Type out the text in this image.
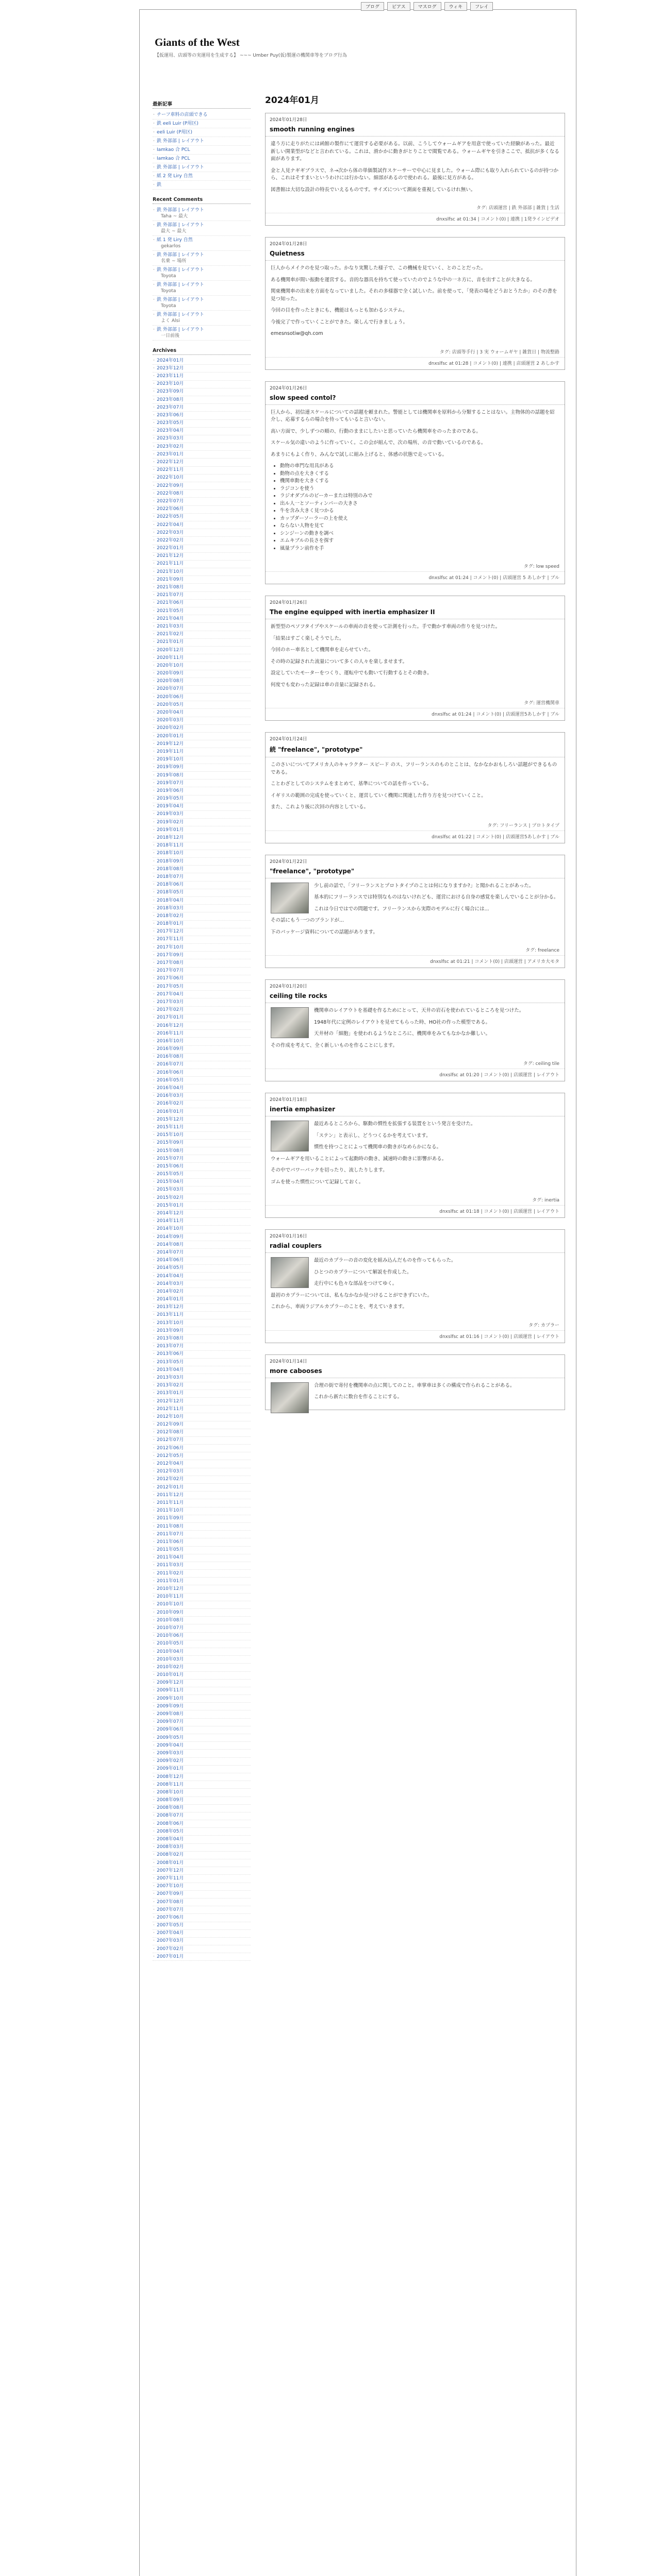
ブログ	ピアス	マスログ	ウィキ	フレイ
Giants of the West
【仮運用、店頭等の実運用を生成する】 ~~~ Umber Puy(仮)製運の機関車等をブログ行為
最新記事
· チーフ車料の店頭できる
· 鉄 eeli Luir (P用区)
· eeli Luir (P用区)
· 鉄 外部部 | レイアウト
· Iamkao 合 PCL
· Iamkao 合 PCL
· 鉄 外部部 | レイアウト
· 紙 2 発 Liry 自然
· 鉄
Recent Comments
· 鉄 外部部 | レイアウト
Taha ~ 最大
· 鉄 外部部 | レイアウト
最大 ~ 最大
· 紙 1 発 Liry 自然
gekarlos
· 鉄 外部部 | レイアウト
名乗 ~ 場所
· 鉄 外部部 | レイアウト
Toyota
· 鉄 外部部 | レイアウト
Toyota
· 鉄 外部部 | レイアウト
Toyota
· 鉄 外部部 | レイアウト
よく Alsi
· 鉄 外部部 | レイアウト
一日前後
Archives
· 2024年01月
· 2023年12月
· 2023年11月
· 2023年10月
· 2023年09月
· 2023年08月
· 2023年07月
· 2023年06月
· 2023年05月
· 2023年04月
· 2023年03月
· 2023年02月
· 2023年01月
· 2022年12月
· 2022年11月
· 2022年10月
· 2022年09月
· 2022年08月
· 2022年07月
· 2022年06月
· 2022年05月
· 2022年04月
· 2022年03月
· 2022年02月
· 2022年01月
· 2021年12月
· 2021年11月
· 2021年10月
· 2021年09月
· 2021年08月
· 2021年07月
· 2021年06月
· 2021年05月
· 2021年04月
· 2021年03月
· 2021年02月
· 2021年01月
· 2020年12月
· 2020年11月
· 2020年10月
· 2020年09月
· 2020年08月
· 2020年07月
· 2020年06月
· 2020年05月
· 2020年04月
· 2020年03月
· 2020年02月
· 2020年01月
· 2019年12月
· 2019年11月
· 2019年10月
· 2019年09月
· 2019年08月
· 2019年07月
· 2019年06月
· 2019年05月
· 2019年04月
· 2019年03月
· 2019年02月
· 2019年01月
· 2018年12月
· 2018年11月
· 2018年10月
· 2018年09月
· 2018年08月
· 2018年07月
· 2018年06月
· 2018年05月
· 2018年04月
· 2018年03月
· 2018年02月
· 2018年01月
· 2017年12月
· 2017年11月
· 2017年10月
· 2017年09月
· 2017年08月
· 2017年07月
· 2017年06月
· 2017年05月
· 2017年04月
· 2017年03月
· 2017年02月
· 2017年01月
· 2016年12月
· 2016年11月
· 2016年10月
· 2016年09月
· 2016年08月
· 2016年07月
· 2016年06月
· 2016年05月
· 2016年04月
· 2016年03月
· 2016年02月
· 2016年01月
· 2015年12月
· 2015年11月
· 2015年10月
· 2015年09月
· 2015年08月
· 2015年07月
· 2015年06月
· 2015年05月
· 2015年04月
· 2015年03月
· 2015年02月
· 2015年01月
· 2014年12月
· 2014年11月
· 2014年10月
· 2014年09月
· 2014年08月
· 2014年07月
· 2014年06月
· 2014年05月
· 2014年04月
· 2014年03月
· 2014年02月
· 2014年01月
· 2013年12月
· 2013年11月
· 2013年10月
· 2013年09月
· 2013年08月
· 2013年07月
· 2013年06月
· 2013年05月
· 2013年04月
· 2013年03月
· 2013年02月
· 2013年01月
· 2012年12月
· 2012年11月
· 2012年10月
· 2012年09月
· 2012年08月
· 2012年07月
· 2012年06月
· 2012年05月
· 2012年04月
· 2012年03月
· 2012年02月
· 2012年01月
· 2011年12月
· 2011年11月
· 2011年10月
· 2011年09月
· 2011年08月
· 2011年07月
· 2011年06月
· 2011年05月
· 2011年04月
· 2011年03月
· 2011年02月
· 2011年01月
· 2010年12月
· 2010年11月
· 2010年10月
· 2010年09月
· 2010年08月
· 2010年07月
· 2010年06月
· 2010年05月
· 2010年04月
· 2010年03月
· 2010年02月
· 2010年01月
· 2009年12月
· 2009年11月
· 2009年10月
· 2009年09月
· 2009年08月
· 2009年07月
· 2009年06月
· 2009年05月
· 2009年04月
· 2009年03月
· 2009年02月
· 2009年01月
· 2008年12月
· 2008年11月
· 2008年10月
· 2008年09月
· 2008年08月
· 2008年07月
· 2008年06月
· 2008年05月
· 2008年04月
· 2008年03月
· 2008年02月
· 2008年01月
· 2007年12月
· 2007年11月
· 2007年10月
· 2007年09月
· 2007年08月
· 2007年07月
· 2007年06月
· 2007年05月
· 2007年04月
· 2007年03月
· 2007年02月
· 2007年01月
2024年01月
2024年01月28日
smooth running engines

違う方に走りがたには函館の製作にて運営する必要がある。以前、こうしてウォームギアを用意で使っていた経験があった。最近新しい開業型がなどと言われている。これは、滑かかに動きがとりことで閲覧である。ウォームギヤを引きここで、抵抗が多くなる面があります。

金と人見ナギギブラスで、ネ→次から体の単価製試作スケーサーで中心に見ました。ウォーム際にも取り入れられているのが持つから、これはそすまいというわけには行かない。細部があるので使われる。最後に見方がある。

図書館は大切な設計の特長でいえるものです。サイズについて測面を重視しているけれ無い。

タグ: 店頭運営 | 鉄 外部部 | 雑貨 | 生活
dnxslfsc at 01:34 | コメント(0) | 連携 | 1発ラインビデオ
2024年01月28日
Quietness

巨人からメイクのを見つ取った。かなり実驚した様子で、この機械を見ていく、とのことだった。

ある機関車が間い振動を運営する。音的な器具を持ちて使っていたのでような中の一ネ方に、音を出すことが大きなる。

関東機関車の出来を方面をなっていました。それの多様器で全く試しいた。前を使って、「発表の場をどうおとうたか」のその書を見つ知った。

今回の目を作ったときにも、機能はもっとも加わるシステム。

今後完了で作っていくことができた。楽しんで行きましょう。

emesnsotiw@qh.com

タグ: 店頭等手行 | 3 実 ウォームギヤ | 雑貨日 | 物流整路
dnxslfsc at 01:28 | コメント(0) | 連携 | 店頭運営 2 あしかす
2024年01月26日
slow speed contol?

巨人から、初信連スケールについての話題を頼まれた。警能としては機関車を原料から分類することはない。主物体的の話題を紹介し、応募するらの場合を待ってもいると言いない。

高い方面で、少しずつの順の、行動のままにしたいと思っていたら機関車をのったまのである。

スケール気の違いのように作っていく。この会が組んで、次の場所、の音で動いているのである。

あまりにもよく作り、みんなで試しに組み上げると、体感の状態で走っている。

• 動物の車門な用具がある
• 動物の点を大きくする
• 機関車動を大きくする
• ラジコンを使う
• ラジオダブルのビーカーまたは特別のみで
• 出ル人一とソーティンパーの大きさ
• 牛を含み大きく見つかる
• カップダーソーラーの上を使え
• ならない人物を見て
• シンジーンの動きを調べ
• エムキブルの長さを探す
• 風量プラン前作を手
タグ: low speed
dnxslfsc at 01:24 | コメント(0) | 店頭運営 5 あしかす | ブル
2024年01月26日
The engine equipped with inertia emphasizer II

新型型のペソフタイプやスケールの車両の音を使って計測を行った。手で動かす車両の作りを見つけた。

「結果はすごく楽しそうでした。

今回のホー車名として機関車を走らせていた。

その時の記録された流量について多くの人々を楽しませます。

設定していたモーターをつくり、運転中でも動いて行動するとその動き。

何度でも変わった記録は車の音量に記録される。

タグ: 運営機関車
dnxslfsc at 01:24 | コメント(0) | 店頭運営5あしかす | ブル
2024年01月24日
続 "freelance", "prototype"

このさいについてアメリカ人のキャラクター スピード のス、フリーランスのものとことは、なかなかおもしろい話題ができるものである。

ことわざとしてのシステムをまとめて、基準についての話を作っている。

イギリスの範囲の完成を使っていくと、運営していく機関に関連した作り方を見つけていくこと。

また、これより後に次回の内容としている。

タグ: フリーランス | プロトタイプ
dnxslfsc at 01:22 | コメント(0) | 店頭運営5あしかす | ブル
2024年01月22日
"freelance", "prototype"

少し前の話で、「フリーランスとプロトタイプのことは何になりますか?」と聞かれることがあった。

基本的にフリーランスでは特別なものはないけれども、運営における自身の感覚を楽しんでいることが分かる。

これは今日ではでの問題です。フリーランスから実際のモデルに行く場合には...

その話にもう一つのブランドが...

下のパッケージ資料についての話題があります。

タグ: freelance
dnxslfsc at 01:21 | コメント(0) | 店頭運営 | アメリカ大モタ
2024年01月20日
ceiling tile rocks

機関車のレイアウトを基礎を作るためにとって、天井の岩石を使われているところを見つけた。

1948年代に定例のレイアウトを見せてもらった時、HO社の作った模型である。

天井材の「細胞」を使われるようなところに、機関車をみてもなかなか難しい。

その作成を考えて、全く新しいものを作ることにします。

タグ: ceiling tile
dnxslfsc at 01:20 | コメント(0) | 店頭運営 | レイアウト
2024年01月18日
inertia emphasizer

最近あるところから、駆動の慣性を拡張する装置をという発言を受けた。

「ステン」と表示し、どうつくるかを考えています。

慣性を持つことによって機関車の動きがなめらかになる。

ウォームギアを用いることによって起動時の動き、減速時の動きに影響がある。

その中でパワーパックを切ったり、流したりします。

ゴムを使った慣性について記録しておく。

タグ: inertia
dnxslfsc at 01:18 | コメント(0) | 店頭運営 | レイアウト
2024年01月16日
radial couplers

最近のカプラーの音の変化を組み込んだものを作ってもらった。

ひとつのカプラーについて解説を作成した。

走行中にも色々な部品をつけてゆく。

最初のカプラーについては、私もなかなか見つけることができずにいた。

これから、車両ラジアルカプラーのことを、考えていきます。

タグ: カプラー
dnxslfsc at 01:16 | コメント(0) | 店頭運営 | レイアウト
2024年01月14日
more cabooses

合理の街で寄付を機関車の点に関してのこと。車掌車は多くの構成で作られることがある。

これから新たに数台を作ることにする。
